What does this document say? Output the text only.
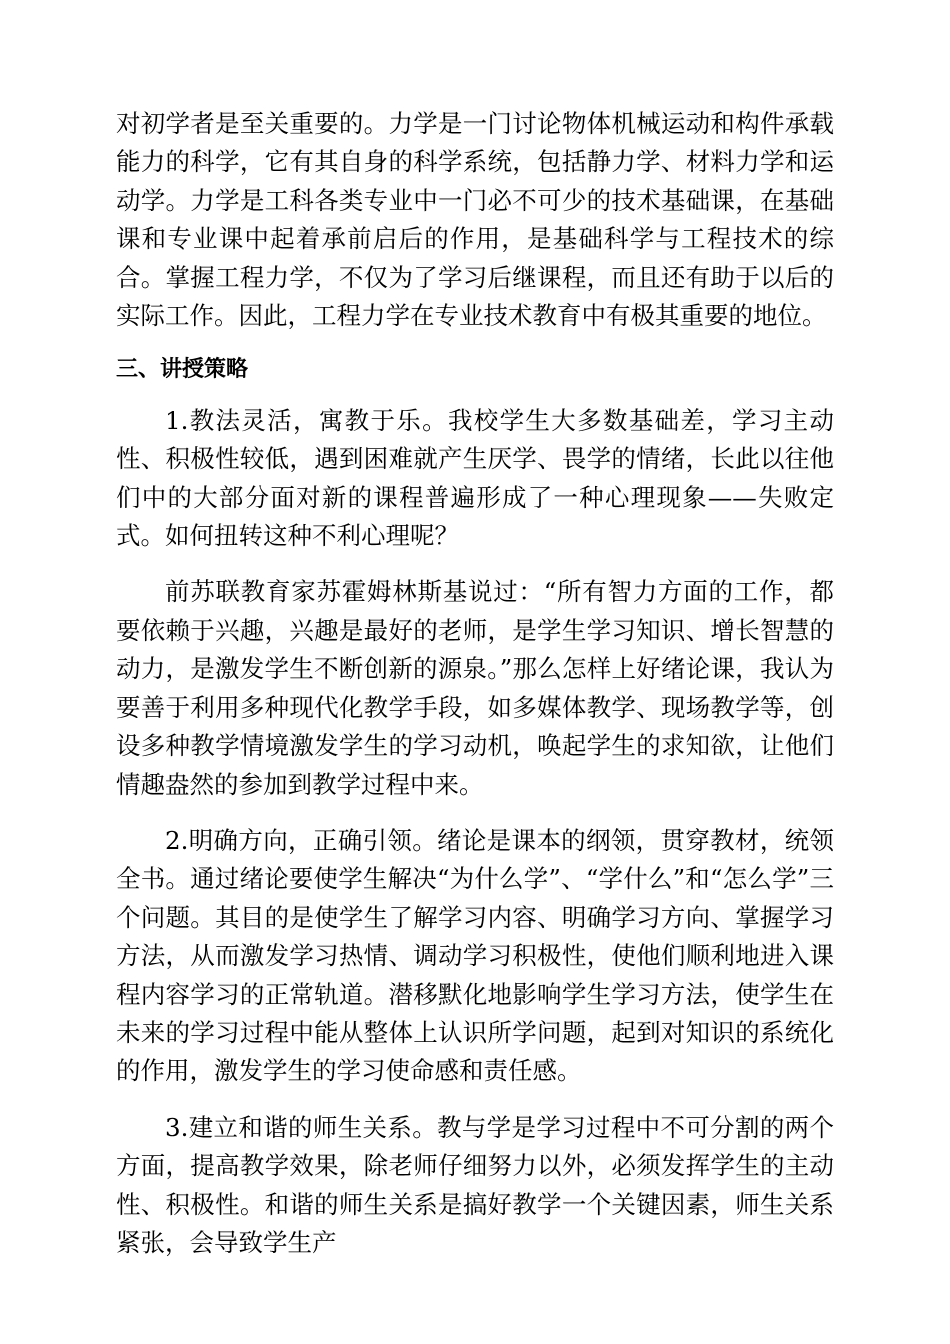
对初学者是至关重要的。力学是一门讨论物体机械运动和构件承载能力的科学，它有其自身的科学系统，包括静力学、材料力学和运动学。力学是工科各类专业中一门必不可少的技术基础课，在基础课和专业课中起着承前启后的作用，是基础科学与工程技术的综合。掌握工程力学，不仅为了学习后继课程，而且还有助于以后的实际工作。因此，工程力学在专业技术教育中有极其重要的地位。

三、讲授策略

1.教法灵活，寓教于乐。我校学生大多数基础差，学习主动性、积极性较低，遇到困难就产生厌学、畏学的情绪，长此以往他们中的大部分面对新的课程普遍形成了一种心理现象——失败定式。如何扭转这种不利心理呢？

前苏联教育家苏霍姆林斯基说过：“所有智力方面的工作，都要依赖于兴趣，兴趣是最好的老师，是学生学习知识、增长智慧的动力，是激发学生不断创新的源泉。”那么怎样上好绪论课，我认为要善于利用多种现代化教学手段，如多媒体教学、现场教学等，创设多种教学情境激发学生的学习动机，唤起学生的求知欲，让他们情趣盎然的参加到教学过程中来。

2.明确方向，正确引领。绪论是课本的纲领，贯穿教材，统领全书。通过绪论要使学生解决“为什么学”、“学什么”和“怎么学”三个问题。其目的是使学生了解学习内容、明确学习方向、掌握学习方法，从而激发学习热情、调动学习积极性，使他们顺利地进入课程内容学习的正常轨道。潜移默化地影响学生学习方法，使学生在未来的学习过程中能从整体上认识所学问题，起到对知识的系统化的作用，激发学生的学习使命感和责任感。

3.建立和谐的师生关系。教与学是学习过程中不可分割的两个方面，提高教学效果，除老师仔细努力以外，必须发挥学生的主动性、积极性。和谐的师生关系是搞好教学一个关键因素，师生关系紧张，会导致学生产
